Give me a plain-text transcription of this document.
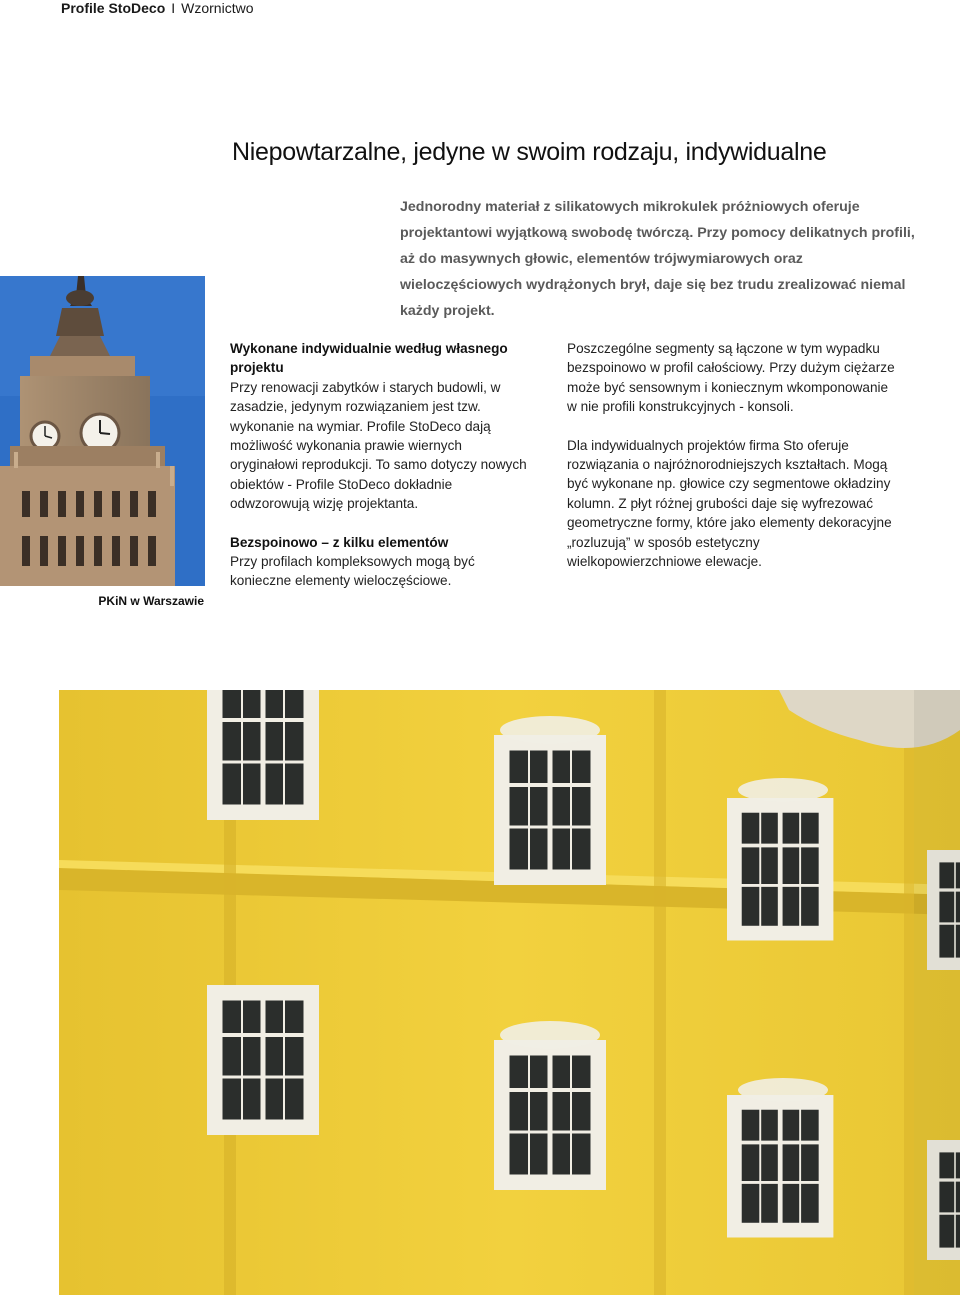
Profile StoDeco I Wzornictwo
Niepowtarzalne, jedyne w swoim rodzaju, indywidualne

Jednorodny materiał z silikatowych mikrokulek próżniowych oferuje projektantowi wyjątkową swobodę twórczą. Przy pomocy delikatnych profili, aż do masywnych głowic, elementów trójwymiarowych oraz wieloczęściowych wydrążonych brył, daje się bez trudu zrealizować niemal każdy projekt.

PKiN w Warszawie
Wykonane indywidualnie według własnego projektu

Przy renowacji zabytków i starych budowli, w zasadzie, jedynym rozwiązaniem jest tzw. wykonanie na wymiar. Profile StoDeco dają możliwość wykonania prawie wiernych oryginałowi reprodukcji. To samo dotyczy nowych obiektów - Profile StoDeco dokładnie odwzorowują wizję projektanta.

Bezspoinowo – z kilku elementów

Przy profilach kompleksowych mogą być konieczne elementy wieloczęściowe.

Poszczególne segmenty są łączone w tym wypadku bezspoinowo w profil całościowy. Przy dużym ciężarze może być sensownym i koniecznym wkomponowanie w nie profili konstrukcyjnych - konsoli.

Dla indywidualnych projektów firma Sto oferuje rozwiązania o najróżnorodniejszych kształtach. Mogą być wykonane np. głowice czy segmentowe okładziny kolumn. Z płyt różnej grubości daje się wyfrezować geometryczne formy, które jako elementy dekoracyjne „rozluzują” w sposób estetyczny wielkopowierzchniowe elewacje.
